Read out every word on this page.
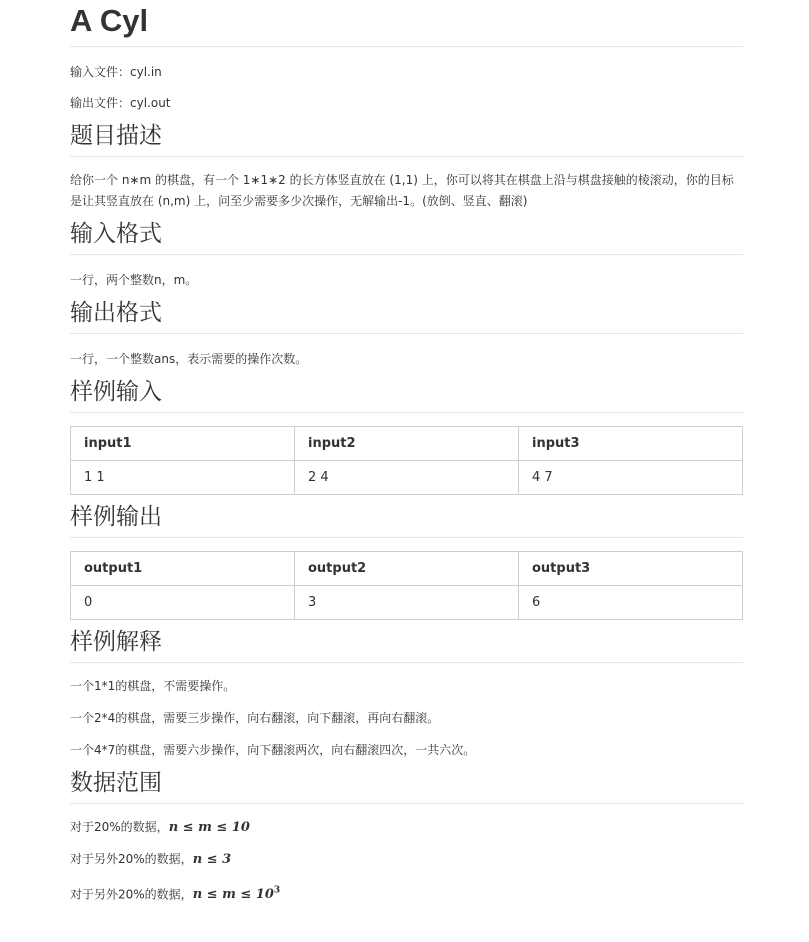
A Cyl

输入文件：cyl.in

输出文件：cyl.out

题目描述

给你一个 n∗m 的棋盘，有一个 1∗1∗2 的长方体竖直放在 (1,1) 上，你可以将其在棋盘上沿与棋盘接触的棱滚动，你的目标是让其竖直放在 (n,m) 上，问至少需要多少次操作，无解输出-1。(放倒、竖直、翻滚)

输入格式

一行，两个整数n，m。

输出格式

一行，一个整数ans，表示需要的操作次数。

样例输入
input1	input2	input3
1 1	2 4	4 7
样例输出
output1	output2	output3
0	3	6
样例解释

一个1*1的棋盘，不需要操作。

一个2*4的棋盘，需要三步操作，向右翻滚，向下翻滚，再向右翻滚。

一个4*7的棋盘，需要六步操作，向下翻滚两次，向右翻滚四次，一共六次。

数据范围

对于20%的数据，n ≤ m ≤ 10

对于另外20%的数据，n ≤ 3

对于另外20%的数据，$n \le m \le 10^3$
